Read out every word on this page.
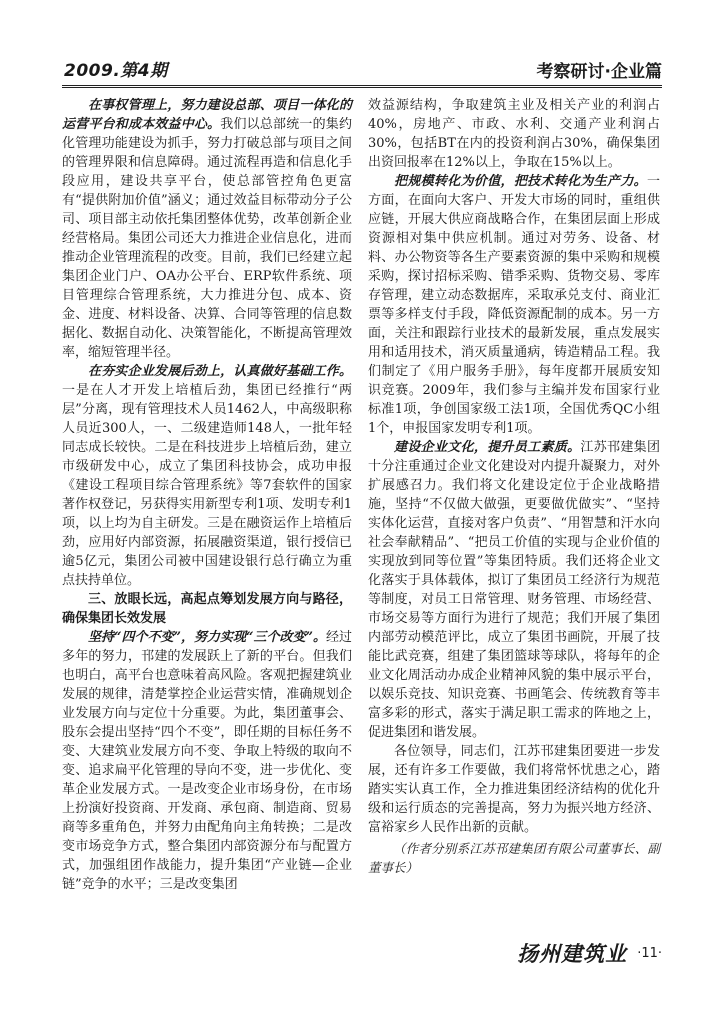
2009.第4期	考察研讨·企业篇

在事权管理上，努力建设总部、项目一体化的运营平台和成本效益中心。我们以总部统一的集约化管理功能建设为抓手，努力打破总部与项目之间的管理界限和信息障碍。通过流程再造和信息化手段应用，建设共享平台，使总部管控角色更富有“提供附加价值”涵义；通过效益目标带动分子公司、项目部主动依托集团整体优势，改革创新企业经营格局。集团公司还大力推进企业信息化，进而推动企业管理流程的改变。目前，我们已经建立起集团企业门户、OA办公平台、ERP软件系统、项目管理综合管理系统，大力推进分包、成本、资金、进度、材料设备、决算、合同等管理的信息数据化、数据自动化、决策智能化，不断提高管理效率，缩短管理半径。

在夯实企业发展后劲上，认真做好基础工作。一是在人才开发上培植后劲，集团已经推行“两层”分离，现有管理技术人员1462人，中高级职称人员近300人，一、二级建造师148人，一批年轻同志成长较快。二是在科技进步上培植后劲，建立市级研发中心，成立了集团科技协会，成功申报《建设工程项目综合管理系统》等7套软件的国家著作权登记，另获得实用新型专利1项、发明专利1项，以上均为自主研发。三是在融资运作上培植后劲，应用好内部资源，拓展融资渠道，银行授信已逾5亿元，集团公司被中国建设银行总行确立为重点扶持单位。

三、放眼长远，高起点筹划发展方向与路径，确保集团长效发展

坚持“四个不变”，努力实现“三个改变”。经过多年的努力，邗建的发展跃上了新的平台。但我们也明白，高平台也意味着高风险。客观把握建筑业发展的规律，清楚掌控企业运营实情，准确规划企业发展方向与定位十分重要。为此，集团董事会、股东会提出坚持“四个不变”，即任期的目标任务不变、大建筑业发展方向不变、争取上特级的取向不变、追求扁平化管理的导向不变，进一步优化、变革企业发展方式。一是改变企业市场身份，在市场上扮演好投资商、开发商、承包商、制造商、贸易商等多重角色，并努力由配角向主角转换；二是改变市场竞争方式，整合集团内部资源分布与配置方式，加强组团作战能力，提升集团“产业链—企业链”竞争的水平；三是改变集团

效益源结构，争取建筑主业及相关产业的利润占40%，房地产、市政、水利、交通产业利润占30%，包括BT在内的投资利润占30%，确保集团出资回报率在12%以上，争取在15%以上。

把规模转化为价值，把技术转化为生产力。一方面，在面向大客户、开发大市场的同时，重组供应链，开展大供应商战略合作，在集团层面上形成资源相对集中供应机制。通过对劳务、设备、材料、办公物资等各生产要素资源的集中采购和规模采购，探讨招标采购、错季采购、货物交易、零库存管理，建立动态数据库，采取承兑支付、商业汇票等多样支付手段，降低资源配制的成本。另一方面，关注和跟踪行业技术的最新发展，重点发展实用和适用技术，消灭质量通病，铸造精品工程。我们制定了《用户服务手册》，每年度都开展质安知识竞赛。2009年，我们参与主编并发布国家行业标准1项，争创国家级工法1项，全国优秀QC小组1个，申报国家发明专利1项。

建设企业文化，提升员工素质。江苏邗建集团十分注重通过企业文化建设对内提升凝聚力，对外扩展感召力。我们将文化建设定位于企业战略措施，坚持“不仅做大做强，更要做优做实”、“坚持实体化运营，直接对客户负责”、“用智慧和汗水向社会奉献精品”、“把员工价值的实现与企业价值的实现放到同等位置”等集团特质。我们还将企业文化落实于具体载体，拟订了集团员工经济行为规范等制度，对员工日常管理、财务管理、市场经营、市场交易等方面行为进行了规范；我们开展了集团内部劳动模范评比，成立了集团书画院，开展了技能比武竞赛，组建了集团篮球等球队，将每年的企业文化周活动办成企业精神风貌的集中展示平台，以娱乐竞技、知识竞赛、书画笔会、传统教育等丰富多彩的形式，落实于满足职工需求的阵地之上，促进集团和谐发展。

各位领导，同志们，江苏邗建集团要进一步发展，还有许多工作要做，我们将常怀忧患之心，踏踏实实认真工作，全力推进集团经济结构的优化升级和运行质态的完善提高，努力为振兴地方经济、富裕家乡人民作出新的贡献。

（作者分别系江苏邗建集团有限公司董事长、副董事长）

扬州建筑业 ·11·
